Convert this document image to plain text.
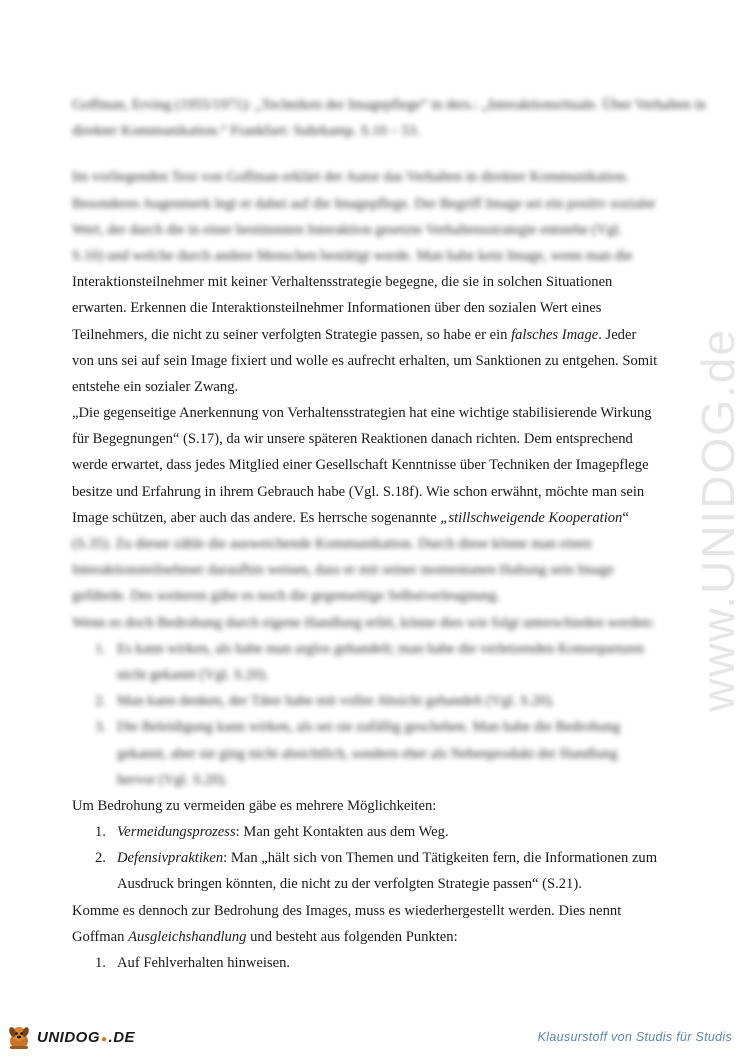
www.UNIDOG.de
Goffman, Erving (1955/1971): „Techniken der Imagepflege“ in ders.: „Interaktionsrituale. Über Verhalten in
direkter Kommunikation.“ Frankfurt: Suhrkamp. S.10 – 53.
Im vorliegenden Text von Goffman erklärt der Autor das Verhalten in direkter Kommunikation.
Besonderes Augenmerk legt er dabei auf die Imagepflege. Der Begriff Image sei ein positiv sozialer
Wert, der durch die in einer bestimmten Interaktion gesetzte Verhaltensstrategie entstehe (Vgl.
S.10) und welche durch andere Menschen bestätigt werde. Man habe kein Image, wenn man die
Interaktionsteilnehmer mit keiner Verhaltensstrategie begegne, die sie in solchen Situationen
erwarten. Erkennen die Interaktionsteilnehmer Informationen über den sozialen Wert eines
Teilnehmers, die nicht zu seiner verfolgten Strategie passen, so habe er ein falsches Image. Jeder
von uns sei auf sein Image fixiert und wolle es aufrecht erhalten, um Sanktionen zu entgehen. Somit
entstehe ein sozialer Zwang.
„Die gegenseitige Anerkennung von Verhaltensstrategien hat eine wichtige stabilisierende Wirkung
für Begegnungen“ (S.17), da wir unsere späteren Reaktionen danach richten. Dem entsprechend
werde erwartet, dass jedes Mitglied einer Gesellschaft Kenntnisse über Techniken der Imagepflege
besitze und Erfahrung in ihrem Gebrauch habe (Vgl. S.18f). Wie schon erwähnt, möchte man sein
Image schützen, aber auch das andere. Es herrsche sogenannte „stillschweigende Kooperation“
(S.35). Zu dieser zähle die ausweichende Kommunikation. Durch diese könne man einen
Interaktionsteilnehmer daraufhin weisen, dass er mit seiner momentanen Haltung sein Image
gefährde. Des weiteren gäbe es noch die gegenseitige Selbstverleugnung.
Wenn es doch Bedrohung durch eigene Handlung erlitt, könne dies wie folgt unterschieden werden:
1. Es kann wirken, als habe man arglos gehandelt; man habe die verletzenden Konsequenzen
nicht gekannt (Vgl. S.20).
2. Man kann denken, der Täter habe mit voller Absicht gehandelt (Vgl. S.20).
3. Die Beleidigung kann wirken, als sei sie zufällig geschehen. Man habe die Bedrohung
gekannt, aber sie ging nicht absichtlich, sondern eher als Nebenprodukt der Handlung
hervor (Vgl. S.20).
Um Bedrohung zu vermeiden gäbe es mehrere Möglichkeiten:
1. Vermeidungsprozess: Man geht Kontakten aus dem Weg.
2. Defensivpraktiken: Man „hält sich von Themen und Tätigkeiten fern, die Informationen zum
Ausdruck bringen könnten, die nicht zu der verfolgten Strategie passen“ (S.21).
Komme es dennoch zur Bedrohung des Images, muss es wiederhergestellt werden. Dies nennt
Goffman Ausgleichshandlung und besteht aus folgenden Punkten:
1. Auf Fehlverhalten hinweisen.
UNIDOG●.DE	Klausurstoff von Studis für Studis
